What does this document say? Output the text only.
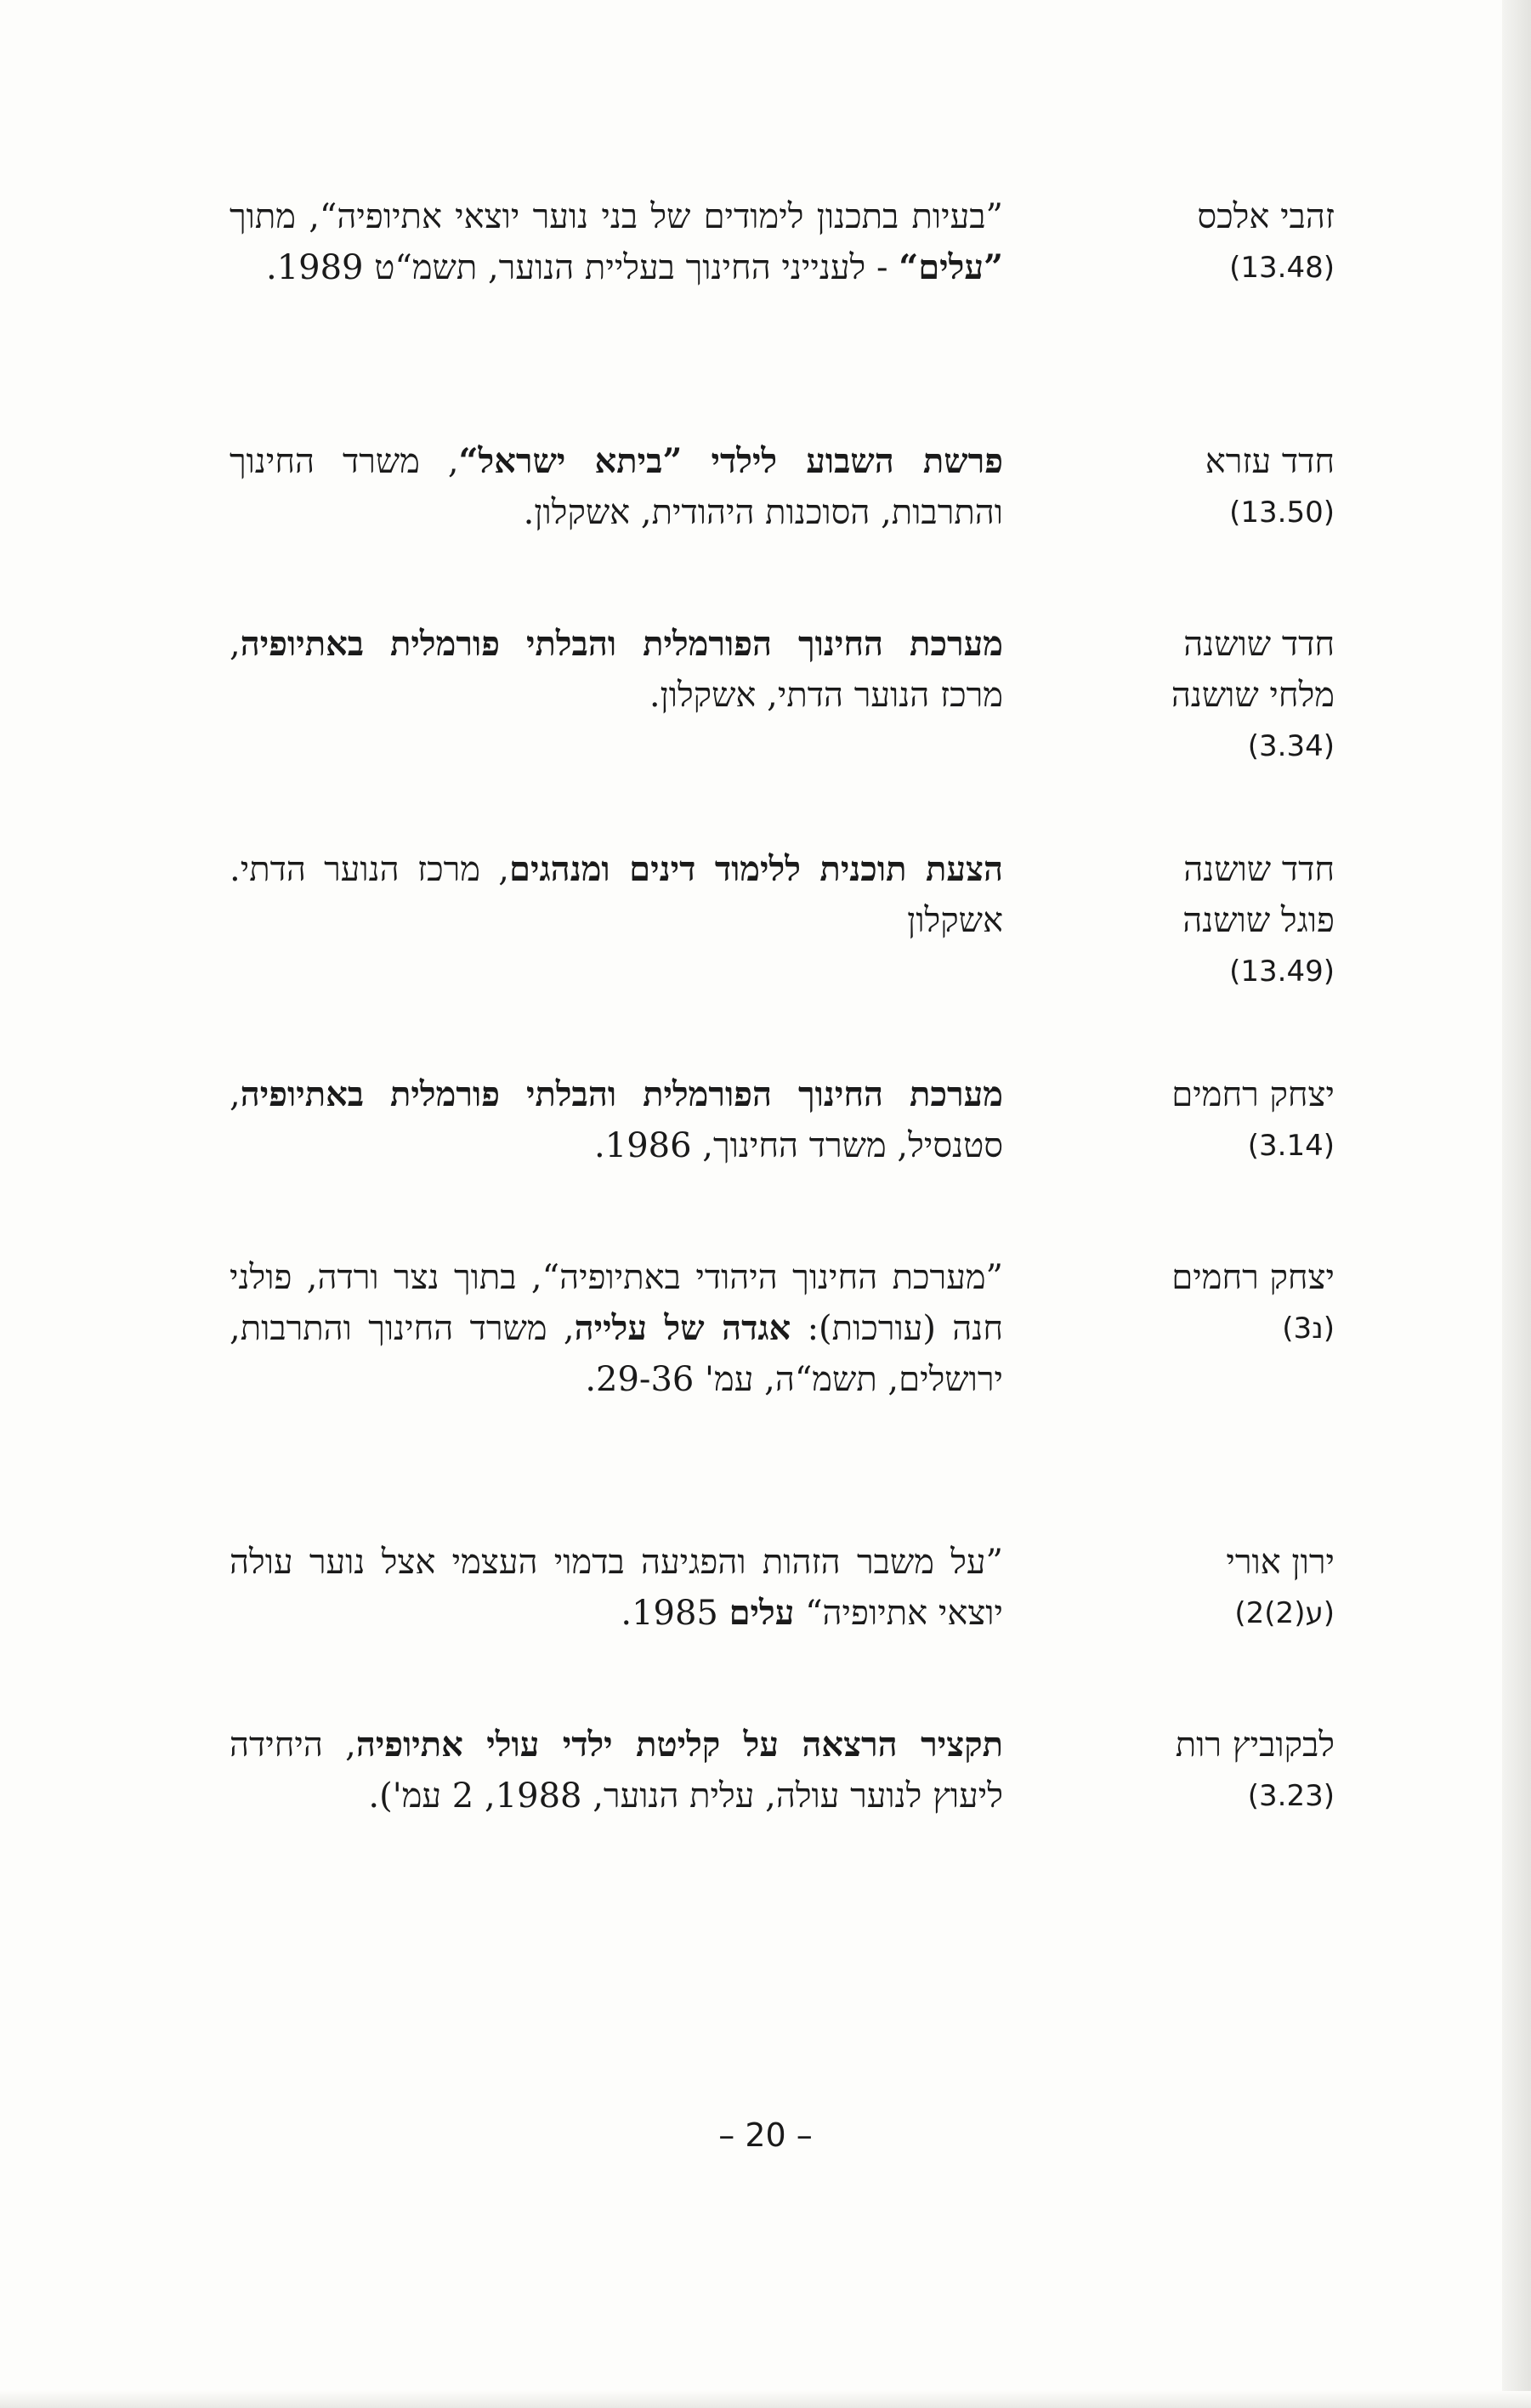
זהבי אלכס
(13.48)
”בעיות בתכנון לימודים של בני נוער יוצאי אתיופיה“, מתוך ”עלים“ - לענייני החינוך בעליית הנוער, תשמ“ט 1989.
חדד עזרא
(13.50)
פרשת השבוע לילדי ”ביתא ישראל“, משרד החינוך והתרבות, הסוכנות היהודית, אשקלון.
חדד שושנה
מלחי שושנה
(3.34)
מערכת החינוך הפורמלית והבלתי פורמלית באתיופיה, מרכז הנוער הדתי, אשקלון.
חדד שושנה
פוגל שושנה
(13.49)
הצעת תוכנית ללימוד דינים ומנהגים, מרכז הנוער הדתי. אשקלון
יצחק רחמים
(3.14)
מערכת החינוך הפורמלית והבלתי פורמלית באתיופיה, סטנסיל, משרד החינוך, 1986.
יצחק רחמים
(נ3)
”מערכת החינוך היהודי באתיופיה“, בתוך נצר ורדה, פולני חנה (עורכות): אגדה של עלייה, משרד החינוך והתרבות, ירושלים, תשמ“ה, עמ' 29-36.
ירון אורי
(ע(2)2)
”על משבר הזהות והפגיעה בדמוי העצמי אצל נוער עולה יוצאי אתיופיה“ עלים 1985.
לבקוביץ רות
(3.23)
תקציר הרצאה על קליטת ילדי עולי אתיופיה, היחידה ליעוץ לנוער עולה, עלית הנוער, 1988, 2 עמ').
– 20 –
